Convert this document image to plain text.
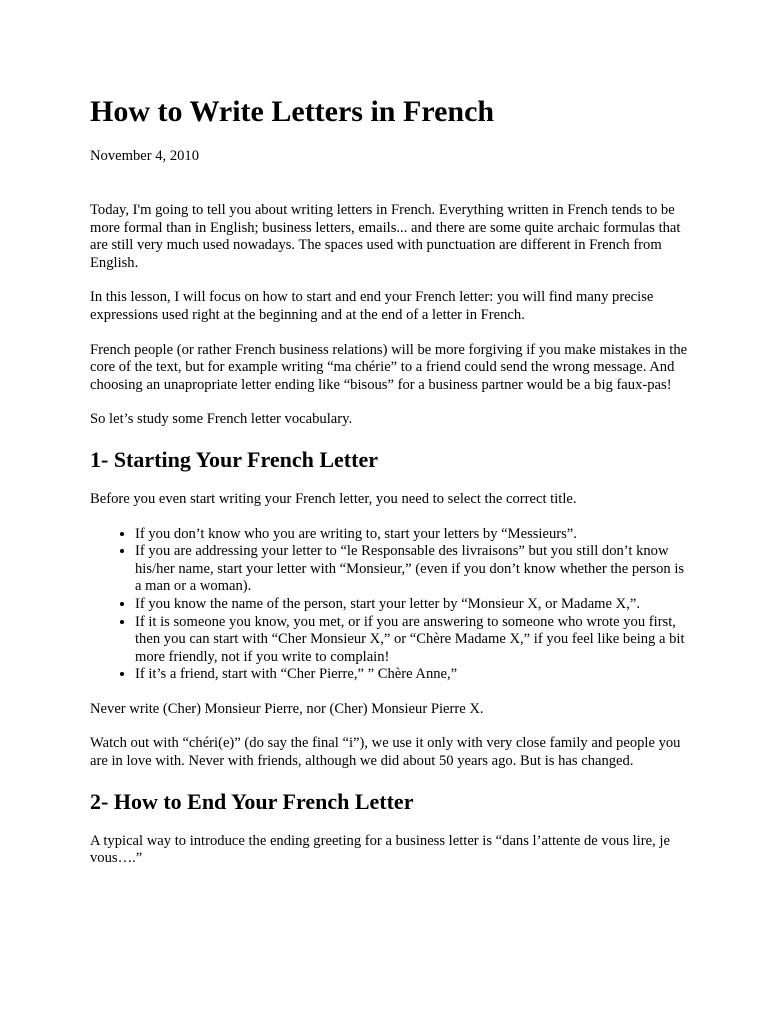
How to Write Letters in French
November 4, 2010

Today, I'm going to tell you about writing letters in French. Everything written in French tends to be more formal than in English; business letters, emails... and there are some quite archaic formulas that are still very much used nowadays. The spaces used with punctuation are different in French from English.

In this lesson, I will focus on how to start and end your French letter: you will find many precise expressions used right at the beginning and at the end of a letter in French.

French people (or rather French business relations) will be more forgiving if you make mistakes in the core of the text, but for example writing “ma chérie” to a friend could send the wrong message. And choosing an unapropriate letter ending like “bisous” for a business partner would be a big faux-pas!

So let’s study some French letter vocabulary.

1- Starting Your French Letter

Before you even start writing your French letter, you need to select the correct title.

• If you don’t know who you are writing to, start your letters by “Messieurs”.
• If you are addressing your letter to “le Responsable des livraisons” but you still don’t know his/her name, start your letter with “Monsieur,” (even if you don’t know whether the person is a man or a woman).
• If you know the name of the person, start your letter by “Monsieur X, or Madame X,”.
• If it is someone you know, you met, or if you are answering to someone who wrote you first, then you can start with “Cher Monsieur X,” or “Chère Madame X,” if you feel like being a bit more friendly, not if you write to complain!
• If it’s a friend, start with “Cher Pierre,” ” Chère Anne,”

Never write (Cher) Monsieur Pierre, nor (Cher) Monsieur Pierre X.

Watch out with “chéri(e)” (do say the final “i”), we use it only with very close family and people you are in love with. Never with friends, although we did about 50 years ago. But is has changed.

2- How to End Your French Letter

A typical way to introduce the ending greeting for a business letter is “dans l’attente de vous lire, je vous….”
